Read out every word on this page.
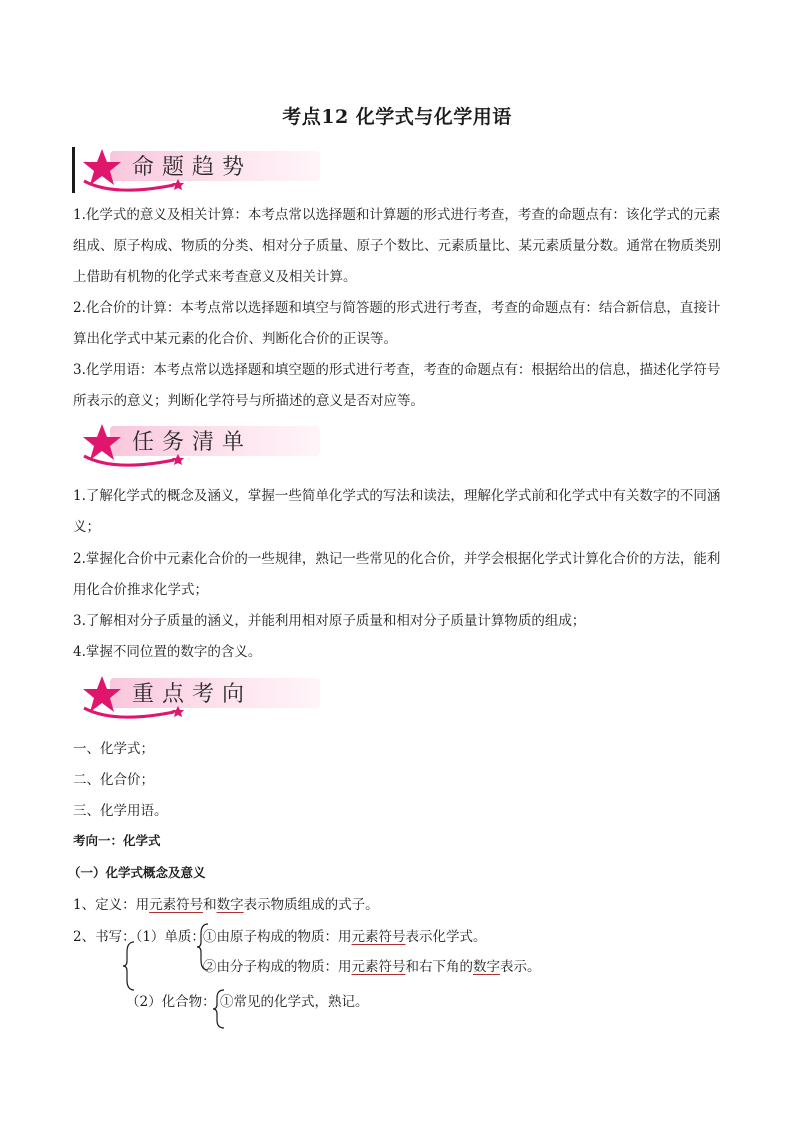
考点12 化学式与化学用语
命题趋势

1.化学式的意义及相关计算：本考点常以选择题和计算题的形式进行考查，考查的命题点有：该化学式的元素组成、原子构成、物质的分类、相对分子质量、原子个数比、元素质量比、某元素质量分数。通常在物质类别上借助有机物的化学式来考查意义及相关计算。

2.化合价的计算：本考点常以选择题和填空与简答题的形式进行考查，考查的命题点有：结合新信息，直接计算出化学式中某元素的化合价、判断化合价的正误等。

3.化学用语：本考点常以选择题和填空题的形式进行考查，考查的命题点有：根据给出的信息，描述化学符号所表示的意义；判断化学符号与所描述的意义是否对应等。

任务清单

1.了解化学式的概念及涵义，掌握一些简单化学式的写法和读法，理解化学式前和化学式中有关数字的不同涵义；

2.掌握化合价中元素化合价的一些规律，熟记一些常见的化合价，并学会根据化学式计算化合价的方法，能利用化合价推求化学式；

3.了解相对分子质量的涵义，并能利用相对原子质量和相对分子质量计算物质的组成；

4.掌握不同位置的数字的含义。

重点考向
一、化学式；
二、化合价；
三、化学用语。
考向一：化学式
（一）化学式概念及意义
1、定义：用元素符号和数字表示物质组成的式子。
2、书写：（1）单质：
①由原子构成的物质：用元素符号表示化学式。
②由分子构成的物质：用元素符号和右下角的数字表示。
（2）化合物： ①常见的化学式，熟记。
